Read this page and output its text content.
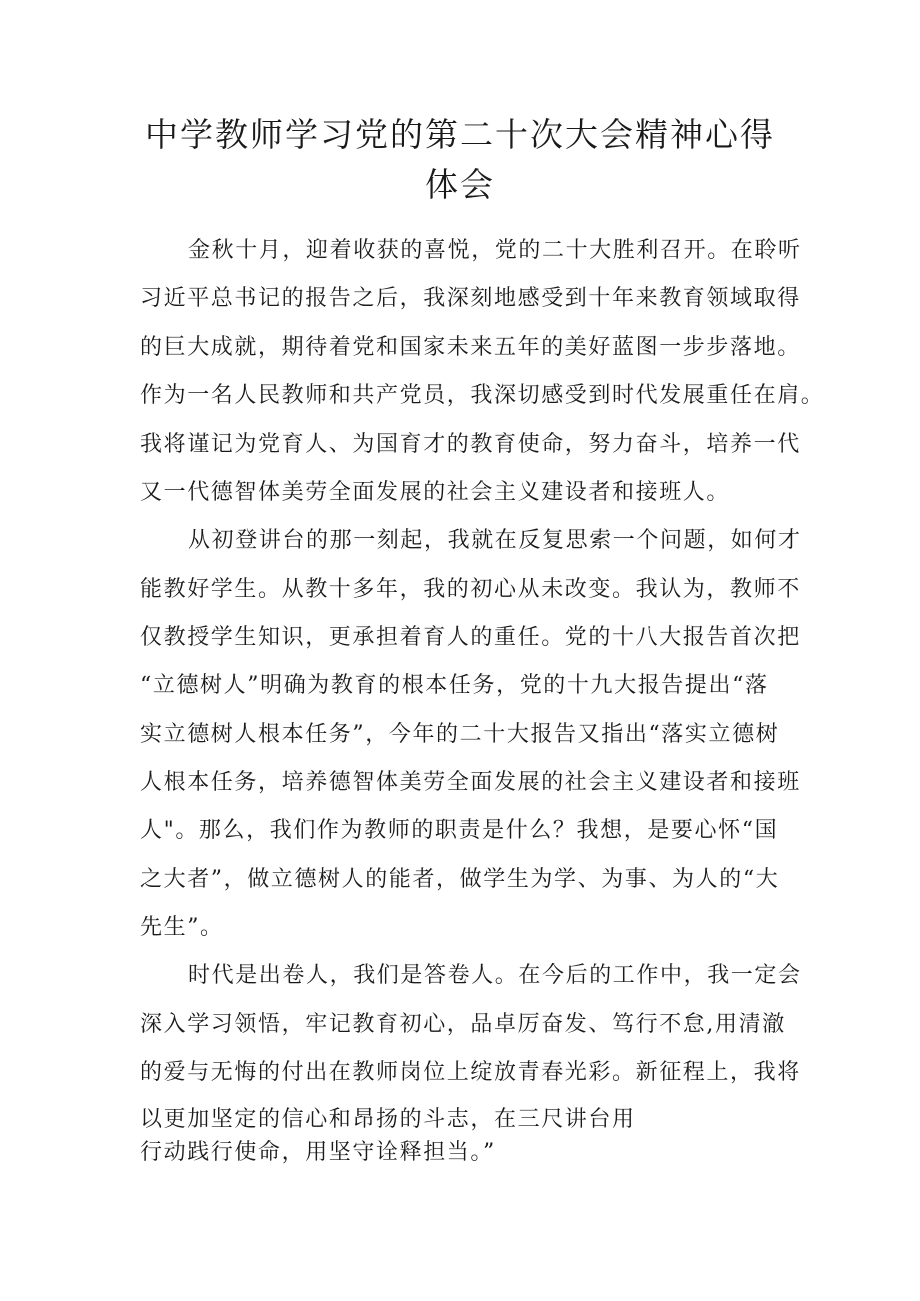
中学教师学习党的第二十次大会精神心得
体会
金秋十月，迎着收获的喜悦，党的二十大胜利召开。在聆听
习近平总书记的报告之后，我深刻地感受到十年来教育领域取得
的巨大成就，期待着党和国家未来五年的美好蓝图一步步落地。
作为一名人民教师和共产党员，我深切感受到时代发展重任在肩。
我将谨记为党育人、为国育才的教育使命，努力奋斗，培养一代
又一代德智体美劳全面发展的社会主义建设者和接班人。
从初登讲台的那一刻起，我就在反复思索一个问题，如何才
能教好学生。从教十多年，我的初心从未改变。我认为，教师不
仅教授学生知识，更承担着育人的重任。党的十八大报告首次把
“立德树人”明确为教育的根本任务，党的十九大报告提出“落
实立德树人根本任务”，今年的二十大报告又指出“落实立德树
人根本任务，培养德智体美劳全面发展的社会主义建设者和接班
人"。那么，我们作为教师的职责是什么？我想，是要心怀“国
之大者”，做立德树人的能者，做学生为学、为事、为人的“大
先生”。
时代是出卷人，我们是答卷人。在今后的工作中，我一定会
深入学习领悟，牢记教育初心，品卓厉奋发、笃行不怠,用清澈
的爱与无悔的付出在教师岗位上绽放青春光彩。新征程上，我将
以更加坚定的信心和昂扬的斗志，在三尺讲台用
行动践行使命，用坚守诠释担当。”
